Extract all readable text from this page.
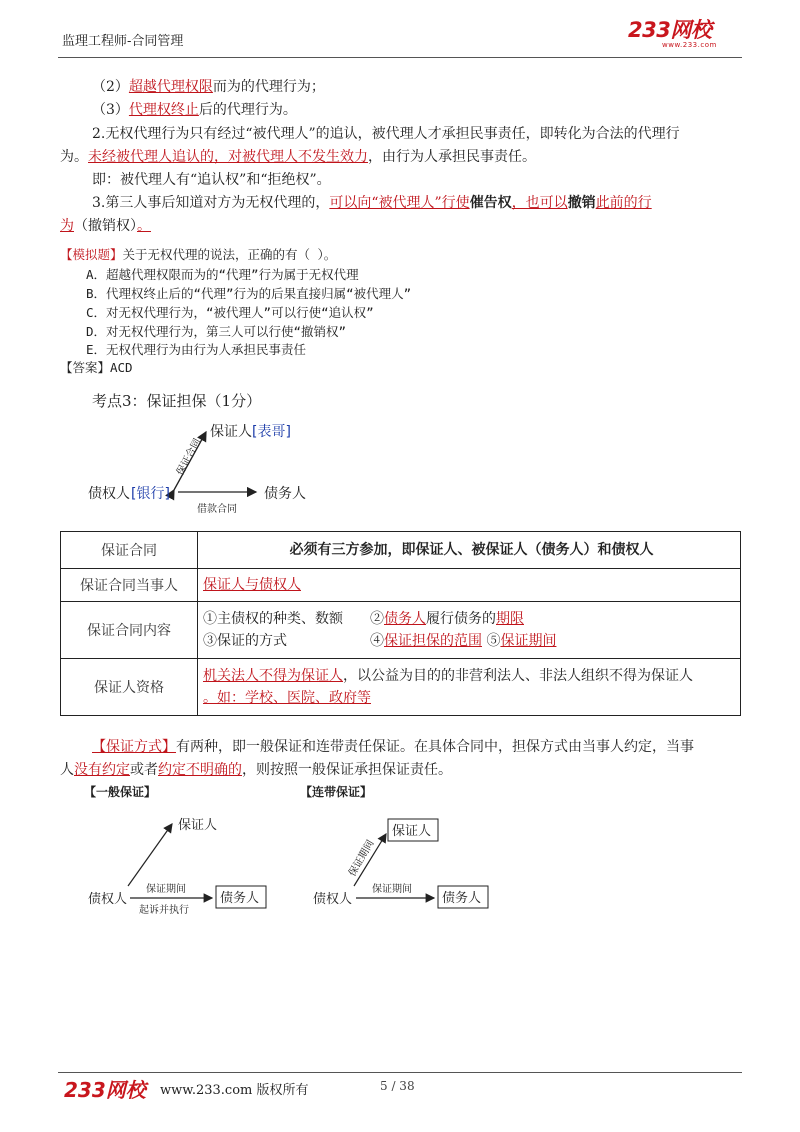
监理工程师-合同管理	233网校
www.233.com
（2）超越代理权限而为的代理行为；
（3）代理权终止后的代理行为。
2.无权代理行为只有经过“被代理人”的追认，被代理人才承担民事责任，即转化为合法的代理行
为。未经被代理人追认的，对被代理人不发生效力，由行为人承担民事责任。
即：被代理人有“追认权”和“拒绝权”。
3.第三人事后知道对方为无权代理的，可以向“被代理人”行使催告权，也可以撤销此前的行
为（撤销权）。
【模拟题】关于无权代理的说法，正确的有（ ）。
A．超越代理权限而为的“代理”行为属于无权代理
B．代理权终止后的“代理”行为的后果直接归属“被代理人”
C．对无权代理行为，“被代理人”可以行使“追认权”
D．对无权代理行为，第三人可以行使“撤销权”
E．无权代理行为由行为人承担民事责任
【答案】ACD
考点3：保证担保（1分）
保证人 [表哥]
债权人 [银行]	债务人
保证合同
借款合同
保证合同	必须有三方参加，即保证人、被保证人（债务人）和债权人
保证合同当事人	保证人与债权人
保证合同内容	①主债权的种类、数额 ②债务人履行债务的期限
③保证的方式 ④保证担保的范围 ⑤保证期间

保证人资格	机关法人不得为保证人，以公益为目的的非营利法人、非法人组织不得为保证人
。如：学校、医院、政府等
【保证方式】有两种，即一般保证和连带责任保证。在具体合同中，担保方式由当事人约定，当事
人没有约定或者约定不明确的，则按照一般保证承担保证责任。
【一般保证】
保证人
债权人	债务人
保证期间
起诉并执行
【连带保证】
保证人
债权人	债务人
保证期间
保证期间
233网校 www.233.com 版权所有	5 / 38
